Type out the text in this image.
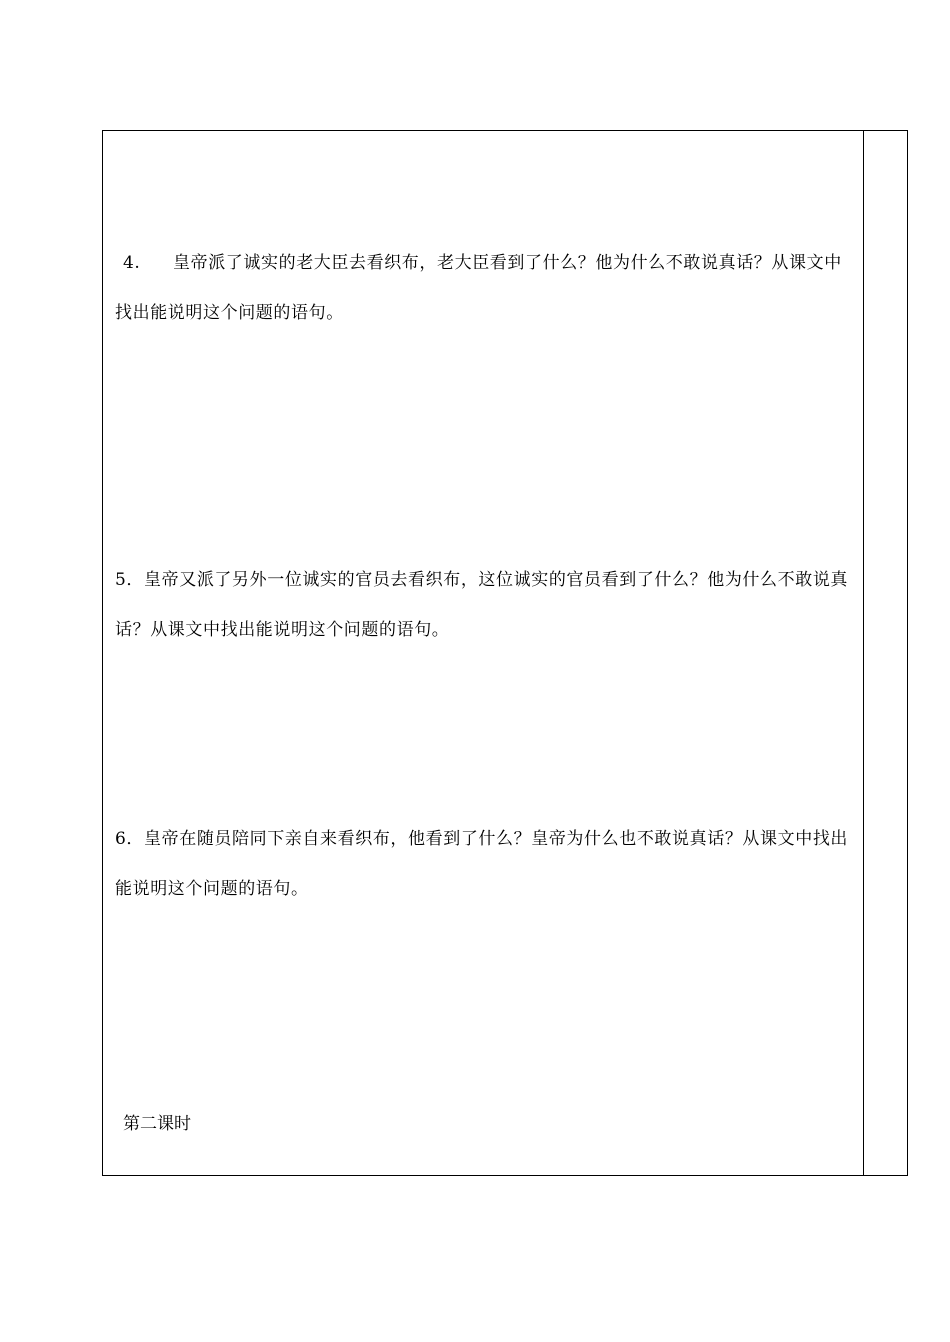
4. 皇帝派了诚实的老大臣去看织布，老大臣看到了什么？他为什么不敢说真话？从课文中找出能说明这个问题的语句。

5．皇帝又派了另外一位诚实的官员去看织布，这位诚实的官员看到了什么？他为什么不敢说真话？从课文中找出能说明这个问题的语句。

6．皇帝在随员陪同下亲自来看织布，他看到了什么？皇帝为什么也不敢说真话？从课文中找出能说明这个问题的语句。

第二课时
